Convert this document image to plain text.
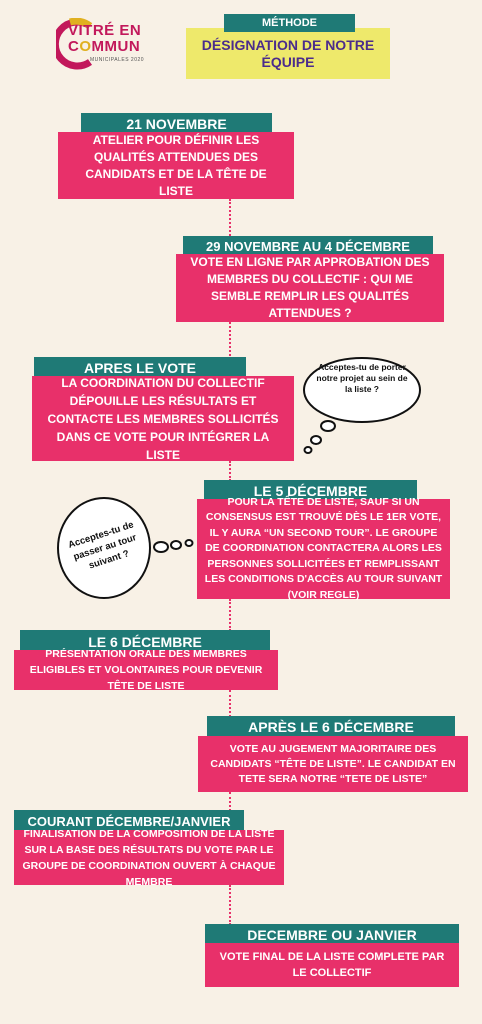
VITRÉ EN
COMMUN
MUNICIPALES 2020
DÉSIGNATION DE NOTRE ÉQUIPE
MÉTHODE
21 NOVEMBRE
ATELIER POUR DÉFINIR LES QUALITÉS ATTENDUES DES CANDIDATS ET DE LA TÊTE DE LISTE
29 NOVEMBRE AU 4 DÉCEMBRE
VOTE EN LIGNE PAR APPROBATION DES MEMBRES DU COLLECTIF : QUI ME SEMBLE REMPLIR LES QUALITÉS ATTENDUES ?
APRES LE VOTE
LA COORDINATION DU COLLECTIF DÉPOUILLE LES RÉSULTATS ET CONTACTE LES MEMBRES SOLLICITÉS DANS CE VOTE POUR INTÉGRER LA LISTE
Acceptes-tu de porter notre projet au sein de la liste ?
LE 5 DÉCEMBRE
POUR LA TÊTE DE LISTE, SAUF SI UN CONSENSUS EST TROUVÉ DÈS LE 1ER VOTE, IL Y AURA “UN SECOND TOUR”. LE GROUPE DE COORDINATION CONTACTERA ALORS LES PERSONNES SOLLICITÉES ET REMPLISSANT LES CONDITIONS D'ACCÈS AU TOUR SUIVANT (VOIR REGLE)
Acceptes-tu de passer au tour suivant ?
LE 6 DÉCEMBRE
PRÉSENTATION ORALE DES MEMBRES ELIGIBLES ET VOLONTAIRES POUR DEVENIR TÊTE DE LISTE
APRÈS LE 6 DÉCEMBRE
VOTE AU JUGEMENT MAJORITAIRE DES CANDIDATS “TÊTE DE LISTE”. LE CANDIDAT EN TETE SERA NOTRE “TETE DE LISTE”
COURANT DÉCEMBRE/JANVIER
FINALISATION DE LA COMPOSITION DE LA LISTE SUR LA BASE DES RÉSULTATS DU VOTE PAR LE GROUPE DE COORDINATION OUVERT À CHAQUE MEMBRE
DECEMBRE OU JANVIER
VOTE FINAL DE LA LISTE COMPLETE PAR LE COLLECTIF
